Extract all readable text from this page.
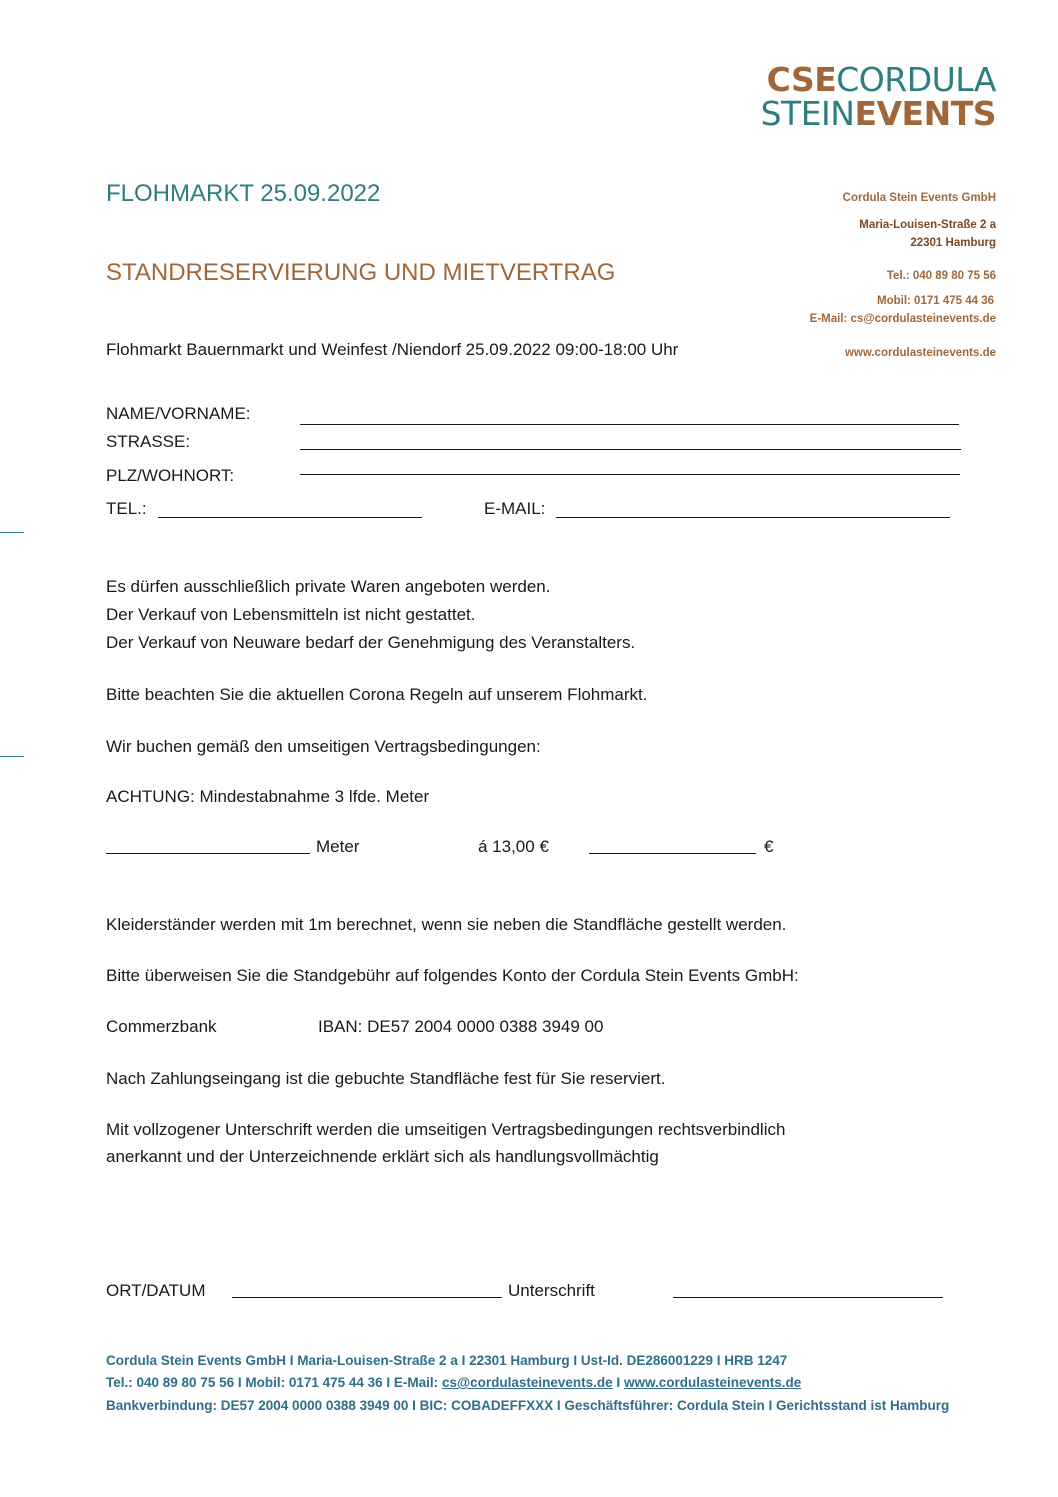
CSECORDULA
STEINEVENTS
FLOHMARKT 25.09.2022
STANDRESERVIERUNG UND MIETVERTRAG
Cordula Stein Events GmbH
Maria-Louisen-Straße 2 a
22301 Hamburg
Tel.: 040 89 80 75 56
Mobil: 0171 475 44 36
E-Mail: cs@cordulasteinevents.de
www.cordulasteinevents.de
Flohmarkt Bauernmarkt und Weinfest /Niendorf 25.09.2022 09:00-18:00 Uhr
NAME/VORNAME:
STRASSE:
PLZ/WOHNORT:
TEL.:	E-MAIL:
Es dürfen ausschließlich private Waren angeboten werden.
Der Verkauf von Lebensmitteln ist nicht gestattet.
Der Verkauf von Neuware bedarf der Genehmigung des Veranstalters.
Bitte beachten Sie die aktuellen Corona Regeln auf unserem Flohmarkt.
Wir buchen gemäß den umseitigen Vertragsbedingungen:
ACHTUNG: Mindestabnahme 3 lfde. Meter
Meter	á 13,00 €	€
Kleiderständer werden mit 1m berechnet, wenn sie neben die Standfläche gestellt werden.
Bitte überweisen Sie die Standgebühr auf folgendes Konto der Cordula Stein Events GmbH:
Commerzbank	IBAN: DE57 2004 0000 0388 3949 00
Nach Zahlungseingang ist die gebuchte Standfläche fest für Sie reserviert.
Mit vollzogener Unterschrift werden die umseitigen Vertragsbedingungen rechtsverbindlich
anerkannt und der Unterzeichnende erklärt sich als handlungsvollmächtig
ORT/DATUM	Unterschrift
Cordula Stein Events GmbH I Maria-Louisen-Straße 2 a I 22301 Hamburg I Ust-Id. DE286001229 I HRB 1247
Tel.: 040 89 80 75 56 I Mobil: 0171 475 44 36 I E-Mail: cs@cordulasteinevents.de I www.cordulasteinevents.de
Bankverbindung: DE57 2004 0000 0388 3949 00 I BIC: COBADEFFXXX I Geschäftsführer: Cordula Stein I Gerichtsstand ist Hamburg
